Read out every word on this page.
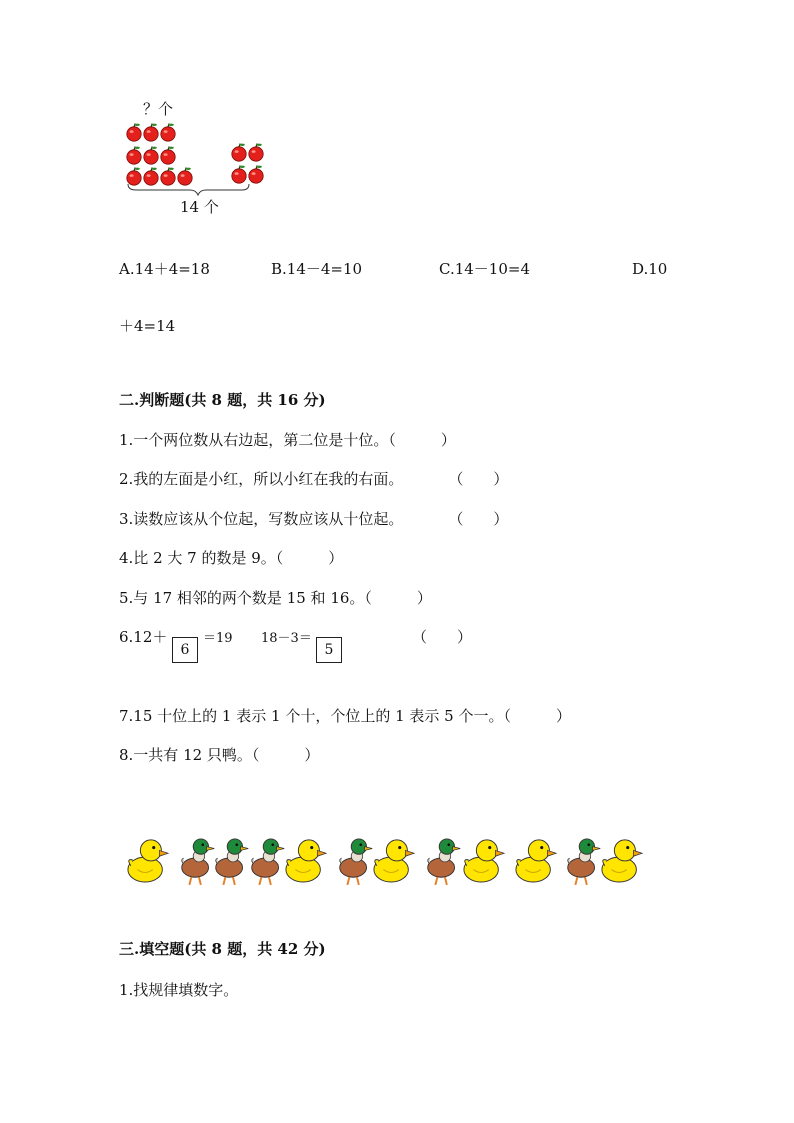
？个
14 个
A.14＋4=18	B.14－4=10	C.14－10=4	D.10
＋4=14
二.判断题(共 8 题，共 16 分)
1.一个两位数从右边起，第二位是十位。（　　　）
2.我的左面是小红，所以小红在我的右面。　　　　（　　）
3.读数应该从个位起，写数应该从十位起。　　　　（　　）
4.比 2 大 7 的数是 9。（　　　）
5.与 17 相邻的两个数是 15 和 16。（　　　）
6.12＋
6
＝19 18－3＝
5
（　　）
7.15 十位上的 1 表示 1 个十，个位上的 1 表示 5 个一。（　　　）
8.一共有 12 只鸭。（　　　）
三.填空题(共 8 题，共 42 分)
1.找规律填数字。
